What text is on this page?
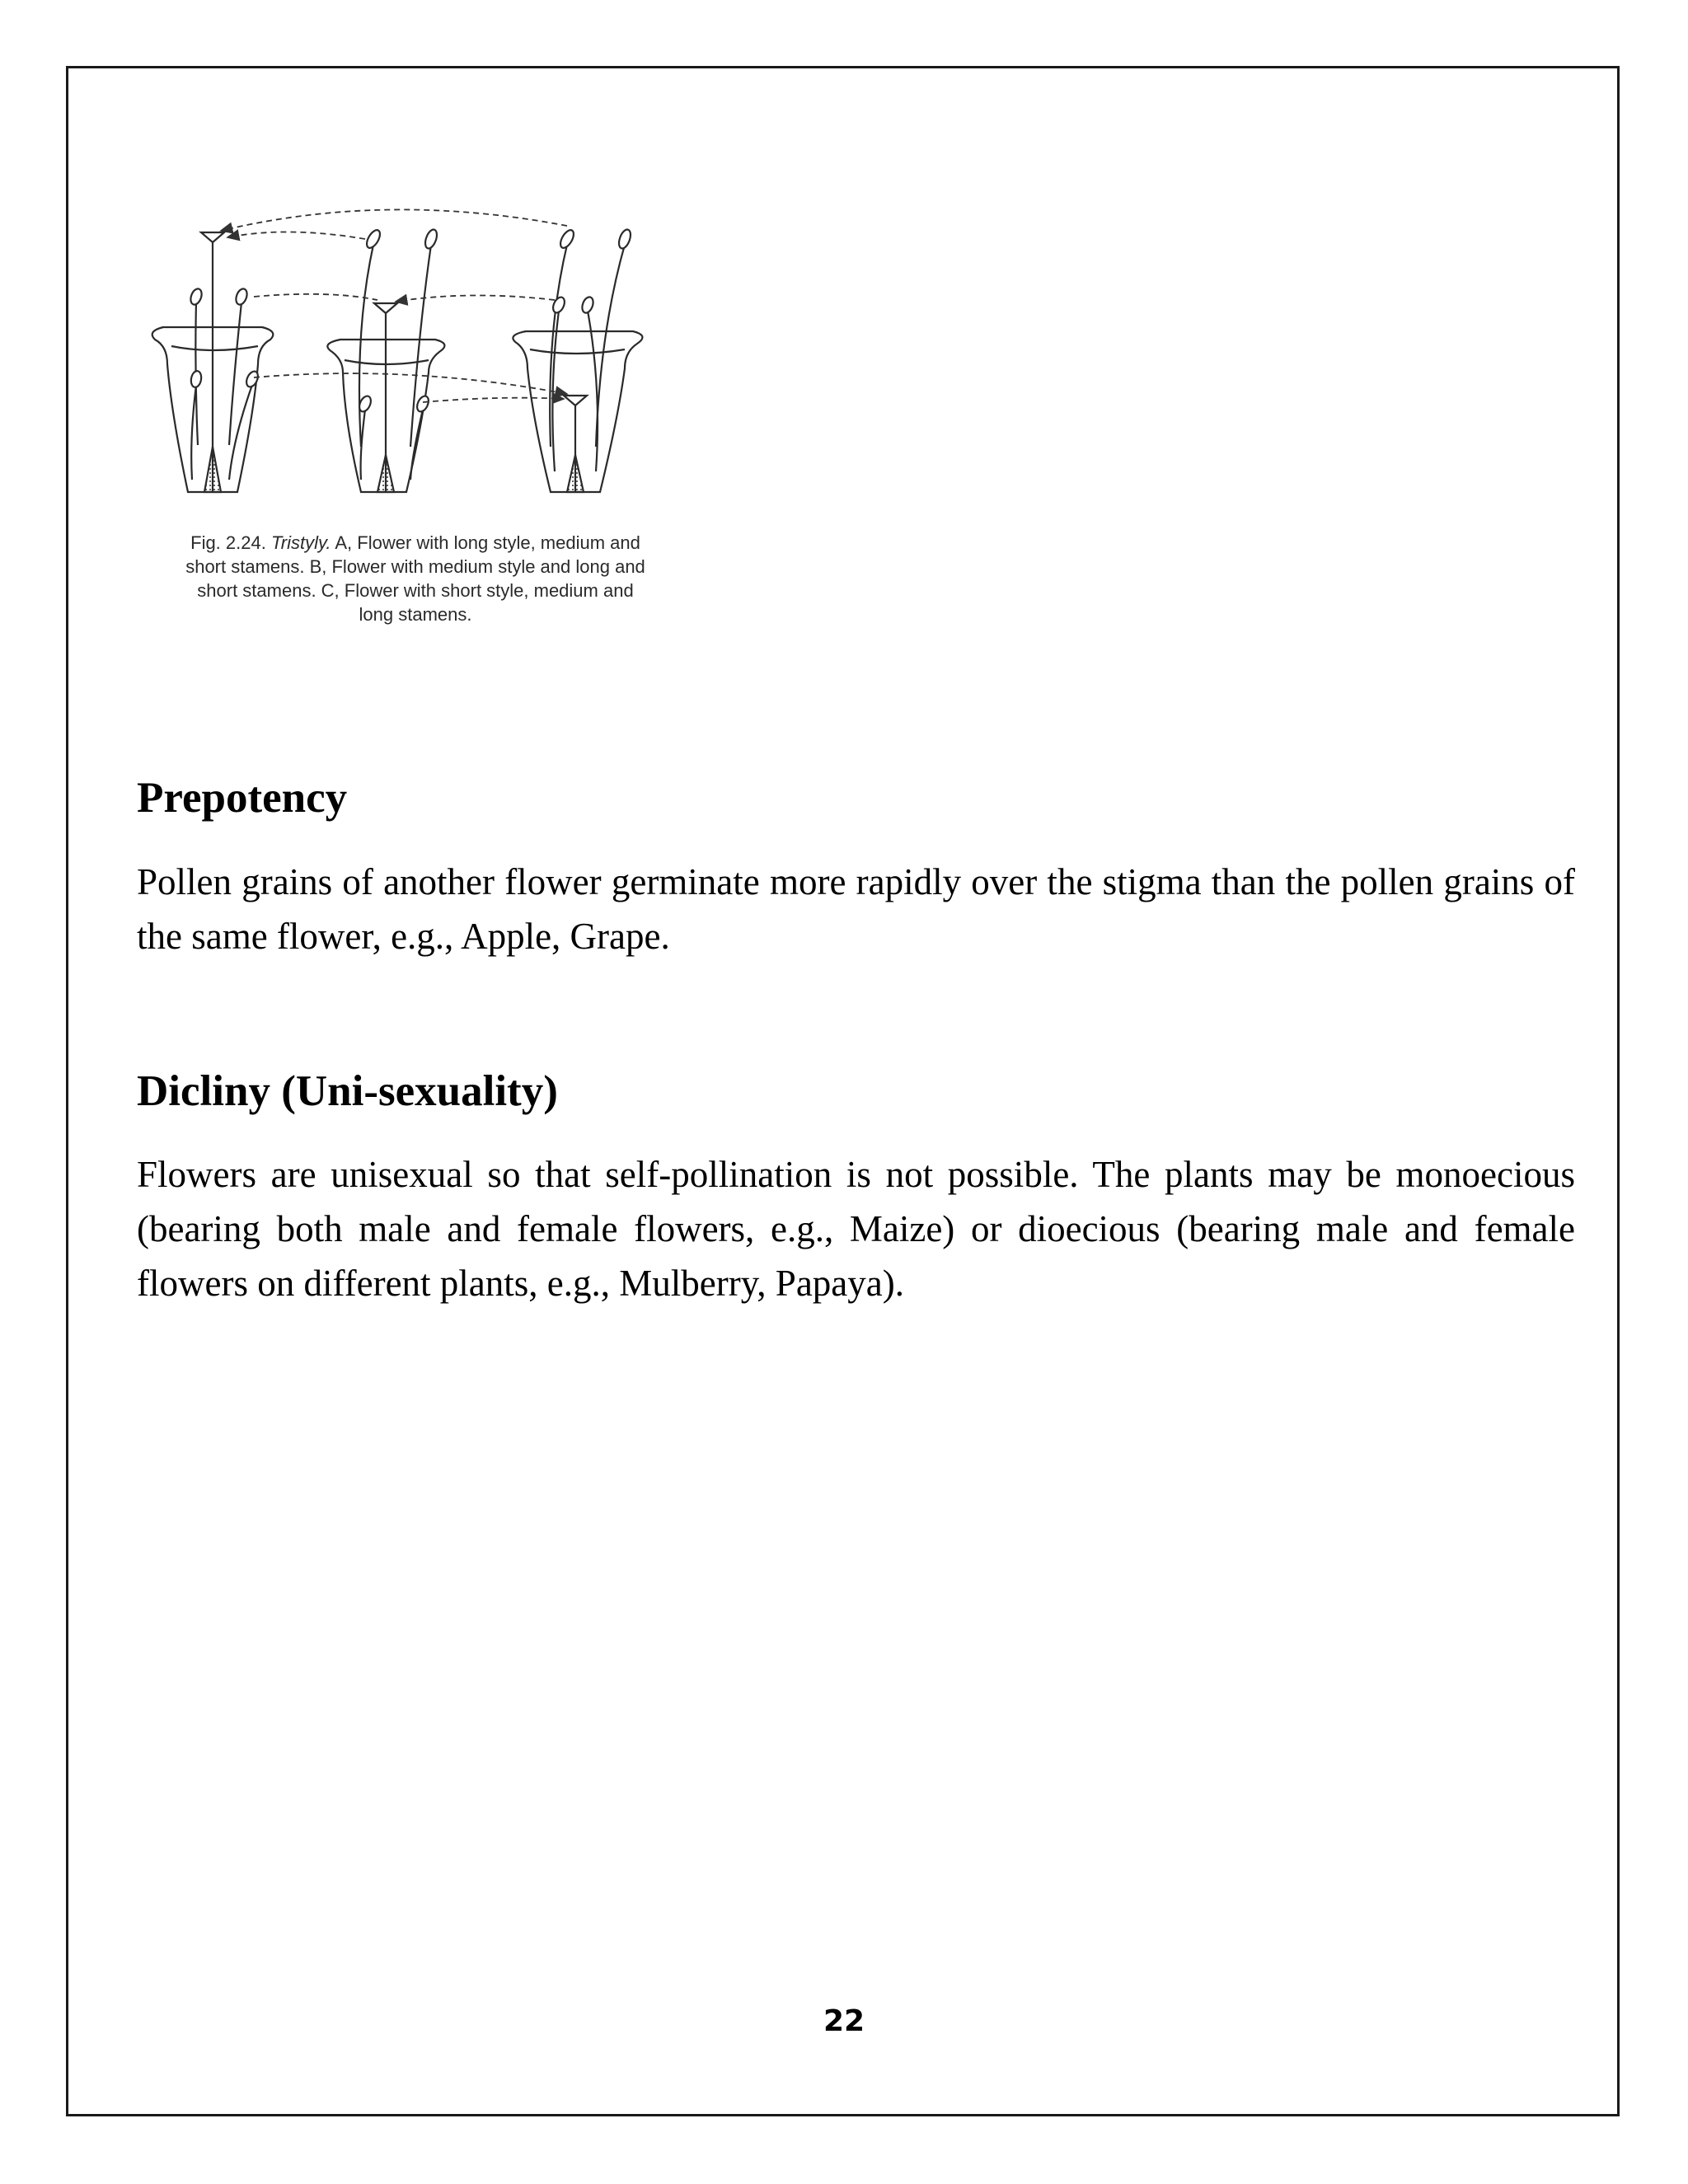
Fig. 2.24. Tristyly. A, Flower with long style, medium and short stamens. B, Flower with medium style and long and short stamens. C, Flower with short style, medium and long stamens.
Prepotency

Pollen grains of another flower germinate more rapidly over the stigma than the pollen grains of the same flower, e.g., Apple, Grape.

Dicliny (Uni-sexuality)

Flowers are unisexual so that self-pollination is not possible. The plants may be monoecious (bearing both male and female flowers, e.g., Maize) or dioecious (bearing male and female flowers on different plants, e.g., Mulberry, Papaya).

22
